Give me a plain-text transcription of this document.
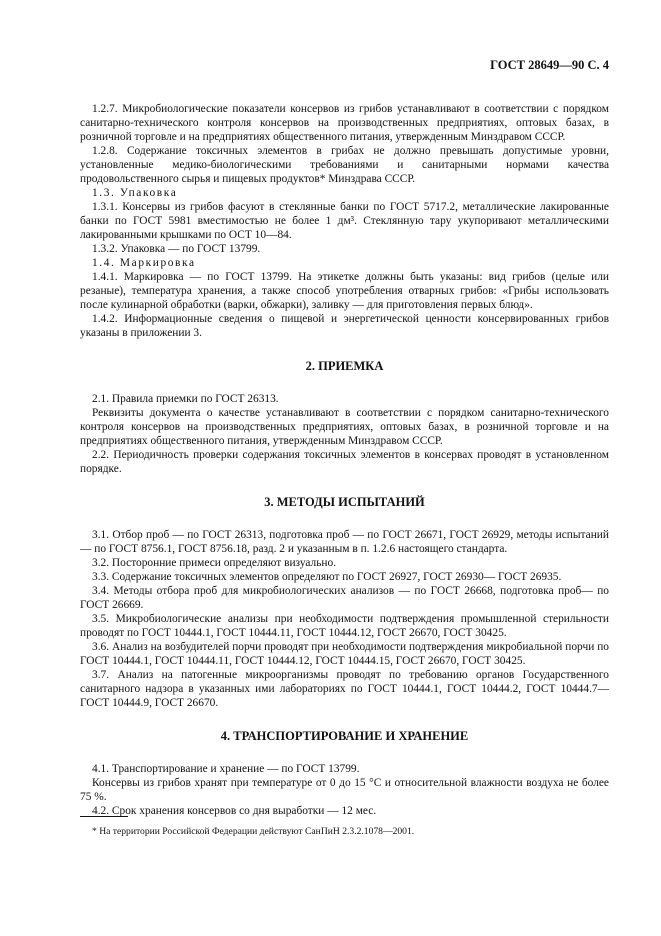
ГОСТ 28649—90 С. 4

1.2.7. Микробиологические показатели консервов из грибов устанавливают в соответствии с порядком санитарно-технического контроля консервов на производственных предприятиях, оптовых базах, в розничной торговле и на предприятиях общественного питания, утвержденным Минздравом СССР.

1.2.8. Содержание токсичных элементов в грибах не должно превышать допустимые уровни, установленные медико-биологическими требованиями и санитарными нормами качества продовольственного сырья и пищевых продуктов* Минздрава СССР.

1.3. Упаковка

1.3.1. Консервы из грибов фасуют в стеклянные банки по ГОСТ 5717.2, металлические лакированные банки по ГОСТ 5981 вместимостью не более 1 дм³. Стеклянную тару укупоривают металлическими лакированными крышками по ОСТ 10—84.

1.3.2. Упаковка — по ГОСТ 13799.

1.4. Маркировка

1.4.1. Маркировка — по ГОСТ 13799. На этикетке должны быть указаны: вид грибов (целые или резаные), температура хранения, а также способ употребления отварных грибов: «Грибы использовать после кулинарной обработки (варки, обжарки), заливку — для приготовления первых блюд».

1.4.2. Информационные сведения о пищевой и энергетической ценности консервированных грибов указаны в приложении 3.

2. ПРИЕМКА

2.1. Правила приемки по ГОСТ 26313.

Реквизиты документа о качестве устанавливают в соответствии с порядком санитарно-технического контроля консервов на производственных предприятиях, оптовых базах, в розничной торговле и на предприятиях общественного питания, утвержденным Минздравом СССР.

2.2. Периодичность проверки содержания токсичных элементов в консервах проводят в установленном порядке.

3. МЕТОДЫ ИСПЫТАНИЙ

3.1. Отбор проб — по ГОСТ 26313, подготовка проб — по ГОСТ 26671, ГОСТ 26929, методы испытаний — по ГОСТ 8756.1, ГОСТ 8756.18, разд. 2 и указанным в п. 1.2.6 настоящего стандарта.

3.2. Посторонние примеси определяют визуально.

3.3. Содержание токсичных элементов определяют по ГОСТ 26927, ГОСТ 26930— ГОСТ 26935.

3.4. Методы отбора проб для микробиологических анализов — по ГОСТ 26668, подготовка проб— по ГОСТ 26669.

3.5. Микробиологические анализы при необходимости подтверждения промышленной стерильности проводят по ГОСТ 10444.1, ГОСТ 10444.11, ГОСТ 10444.12, ГОСТ 26670, ГОСТ 30425.

3.6. Анализ на возбудителей порчи проводят при необходимости подтверждения микробиальной порчи по ГОСТ 10444.1, ГОСТ 10444.11, ГОСТ 10444.12, ГОСТ 10444.15, ГОСТ 26670, ГОСТ 30425.

3.7. Анализ на патогенные микроорганизмы проводят по требованию органов Государственного санитарного надзора в указанных ими лабораториях по ГОСТ 10444.1, ГОСТ 10444.2, ГОСТ 10444.7—ГОСТ 10444.9, ГОСТ 26670.

4. ТРАНСПОРТИРОВАНИЕ И ХРАНЕНИЕ

4.1. Транспортирование и хранение — по ГОСТ 13799.

Консервы из грибов хранят при температуре от 0 до 15 °С и относительной влажности воздуха не более 75 %.

4.2. Срок хранения консервов со дня выработки — 12 мес.

* На территории Российской Федерации действуют СанПиН 2.3.2.1078—2001.
